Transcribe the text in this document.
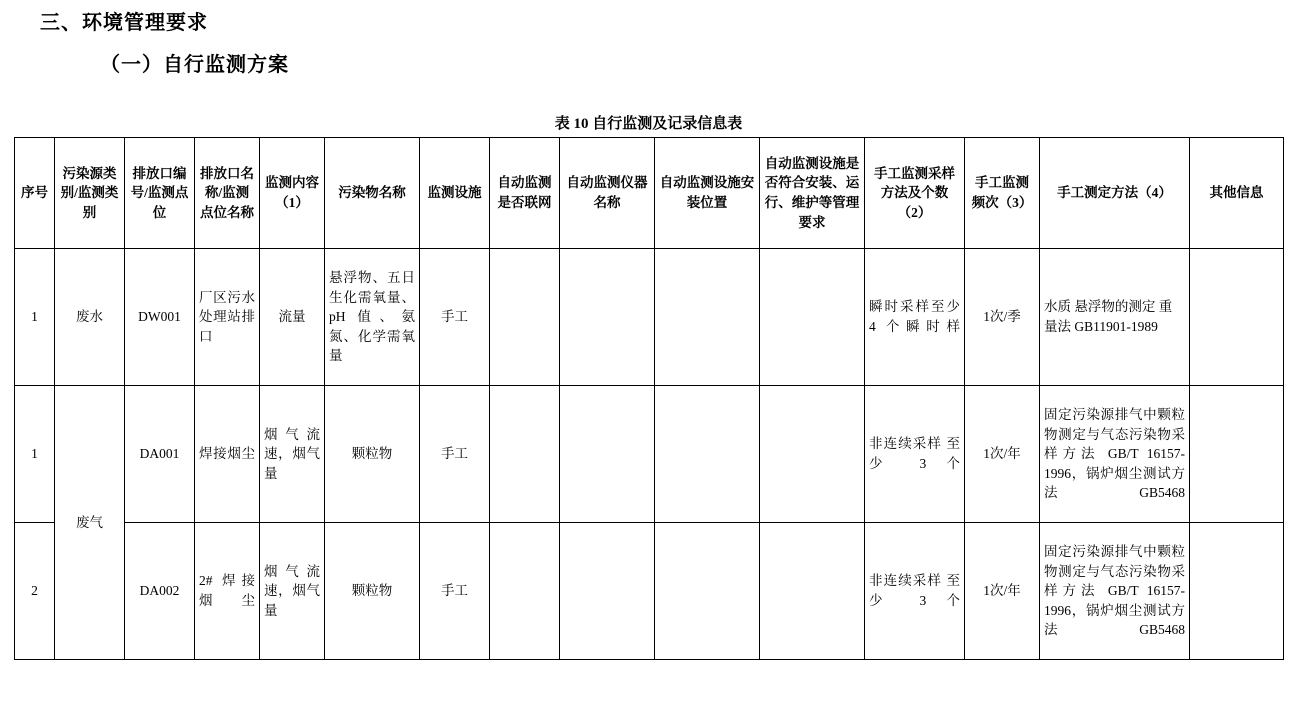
三、环境管理要求
（一）自行监测方案
表 10 自行监测及记录信息表
序号	污染源类别/监测类别	排放口编号/监测点位	排放口名称/监测点位名称	监测内容（1）	污染物名称	监测设施	自动监测是否联网	自动监测仪器名称	自动监测设施安装位置	自动监测设施是否符合安装、运行、维护等管理要求	手工监测采样方法及个数（2）	手工监测频次（3）	手工测定方法（4）	其他信息
1	废水	DW001	厂区污水处理站排口	流量	悬浮物、五日生化需氧量、pH 值、氨氮、化学需氧量	手工					瞬时采样至少 4 个瞬时样	1次/季	水质 悬浮物的测定 重量法 GB11901-1989	
1	废气	DA001	焊接烟尘	烟气流速，烟气量	颗粒物	手工					非连续采样 至少 3 个	1次/年	固定污染源排气中颗粒物测定与气态污染物采样方法 GB/T 16157-1996，锅炉烟尘测试方法 GB5468	
2		DA002	2# 焊接烟尘	烟气流速，烟气量	颗粒物	手工					非连续采样 至少 3 个	1次/年	固定污染源排气中颗粒物测定与气态污染物采样方法 GB/T 16157-1996，锅炉烟尘测试方法 GB5468	
